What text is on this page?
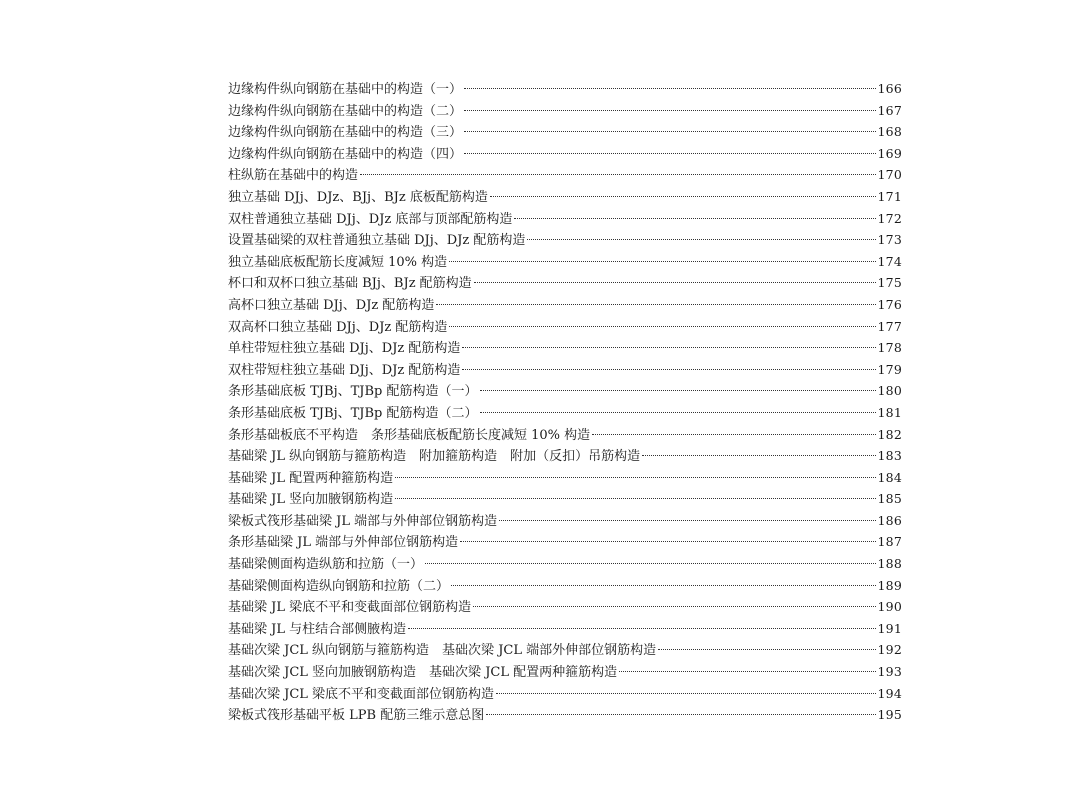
边缘构件纵向钢筋在基础中的构造（一）	166
边缘构件纵向钢筋在基础中的构造（二）	167
边缘构件纵向钢筋在基础中的构造（三）	168
边缘构件纵向钢筋在基础中的构造（四）	169
柱纵筋在基础中的构造	170
独立基础 DJj、DJz、BJj、BJz 底板配筋构造	171
双柱普通独立基础 DJj、DJz 底部与顶部配筋构造	172
设置基础梁的双柱普通独立基础 DJj、DJz 配筋构造	173
独立基础底板配筋长度减短 10% 构造	174
杯口和双杯口独立基础 BJj、BJz 配筋构造	175
高杯口独立基础 DJj、DJz 配筋构造	176
双高杯口独立基础 DJj、DJz 配筋构造	177
单柱带短柱独立基础 DJj、DJz 配筋构造	178
双柱带短柱独立基础 DJj、DJz 配筋构造	179
条形基础底板 TJBj、TJBp 配筋构造（一）	180
条形基础底板 TJBj、TJBp 配筋构造（二）	181
条形基础板底不平构造　条形基础底板配筋长度减短 10% 构造	182
基础梁 JL 纵向钢筋与箍筋构造　附加箍筋构造　附加（反扣）吊筋构造	183
基础梁 JL 配置两种箍筋构造	184
基础梁 JL 竖向加腋钢筋构造	185
梁板式筏形基础梁 JL 端部与外伸部位钢筋构造	186
条形基础梁 JL 端部与外伸部位钢筋构造	187
基础梁侧面构造纵筋和拉筋（一）	188
基础梁侧面构造纵向钢筋和拉筋（二）	189
基础梁 JL 梁底不平和变截面部位钢筋构造	190
基础梁 JL 与柱结合部侧腋构造	191
基础次梁 JCL 纵向钢筋与箍筋构造　基础次梁 JCL 端部外伸部位钢筋构造	192
基础次梁 JCL 竖向加腋钢筋构造　基础次梁 JCL 配置两种箍筋构造	193
基础次梁 JCL 梁底不平和变截面部位钢筋构造	194
梁板式筏形基础平板 LPB 配筋三维示意总图	195
